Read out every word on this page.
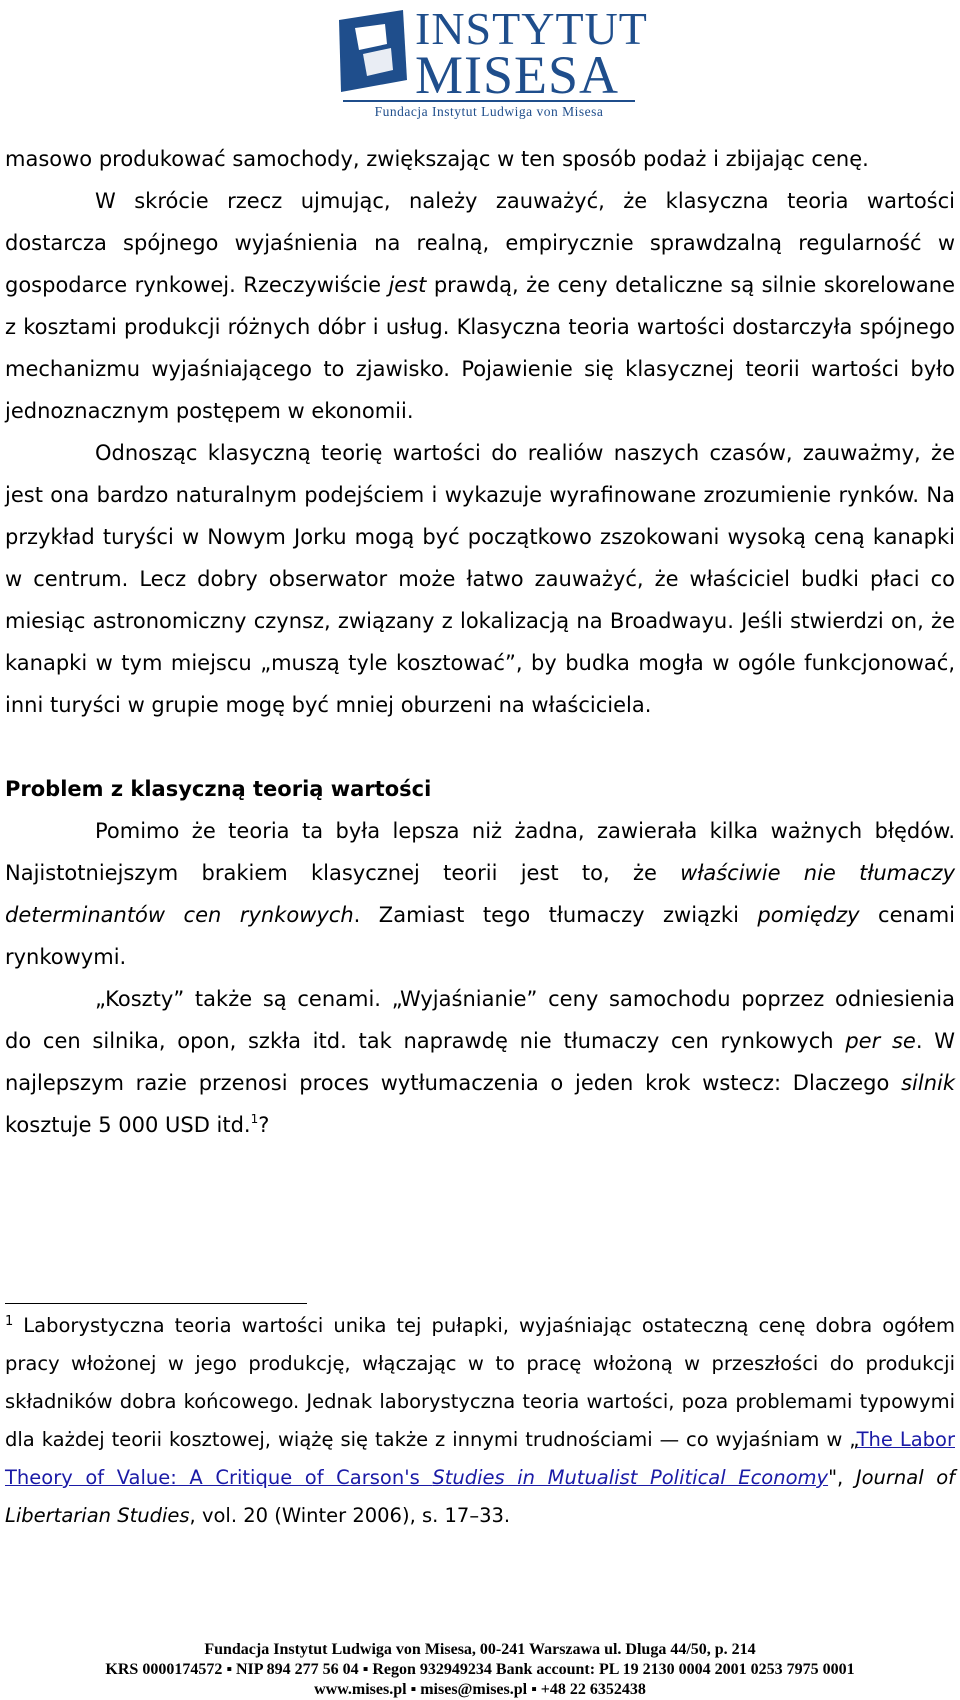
INSTYTUT
MISESA
Fundacja Instytut Ludwiga von Misesa

masowo produkować samochody, zwiększając w ten sposób podaż i zbijając cenę.

W skrócie rzecz ujmując, należy zauważyć, że klasyczna teoria wartości dostarcza spójnego wyjaśnienia na realną, empirycznie sprawdzalną regularność w gospodarce rynkowej. Rzeczywiście jest prawdą, że ceny detaliczne są silnie skorelowane z kosztami produkcji różnych dóbr i usług. Klasyczna teoria wartości dostarczyła spójnego mechanizmu wyjaśniającego to zjawisko. Pojawienie się klasycznej teorii wartości było jednoznacznym postępem w ekonomii.

Odnosząc klasyczną teorię wartości do realiów naszych czasów, zauważmy, że jest ona bardzo naturalnym podejściem i wykazuje wyrafinowane zrozumienie rynków. Na przykład turyści w Nowym Jorku mogą być początkowo zszokowani wysoką ceną kanapki w centrum. Lecz dobry obserwator może łatwo zauważyć, że właściciel budki płaci co miesiąc astronomiczny czynsz, związany z lokalizacją na Broadwayu. Jeśli stwierdzi on, że kanapki w tym miejscu „muszą tyle kosztować”, by budka mogła w ogóle funkcjonować, inni turyści w grupie mogę być mniej oburzeni na właściciela.

Problem z klasyczną teorią wartości

Pomimo że teoria ta była lepsza niż żadna, zawierała kilka ważnych błędów. Najistotniejszym brakiem klasycznej teorii jest to, że właściwie nie tłumaczy determinantów cen rynkowych. Zamiast tego tłumaczy związki pomiędzy cenami rynkowymi.

„Koszty” także są cenami. „Wyjaśnianie” ceny samochodu poprzez odniesienia do cen silnika, opon, szkła itd. tak naprawdę nie tłumaczy cen rynkowych per se. W najlepszym razie przenosi proces wytłumaczenia o jeden krok wstecz: Dlaczego silnik kosztuje 5 000 USD itd.$^1$?

$^1$ Laborystyczna teoria wartości unika tej pułapki, wyjaśniając ostateczną cenę dobra ogółem pracy włożonej w jego produkcję, włączając w to pracę włożoną w przeszłości do produkcji składników dobra końcowego. Jednak laborystyczna teoria wartości, poza problemami typowymi dla każdej teorii kosztowej, wiążę się także z innymi trudnościami — co wyjaśniam w „The Labor Theory of Value: A Critique of Carson's Studies in Mutualist Political Economy", Journal of Libertarian Studies, vol. 20 (Winter 2006), s. 17–33.

Fundacja Instytut Ludwiga von Misesa, 00-241 Warszawa ul. Dluga 44/50, p. 214
KRS 0000174572 ▪ NIP 894 277 56 04 ▪ Regon 932949234 Bank account: PL 19 2130 0004 2001 0253 7975 0001
www.mises.pl ▪ mises@mises.pl ▪ +48 22 6352438
